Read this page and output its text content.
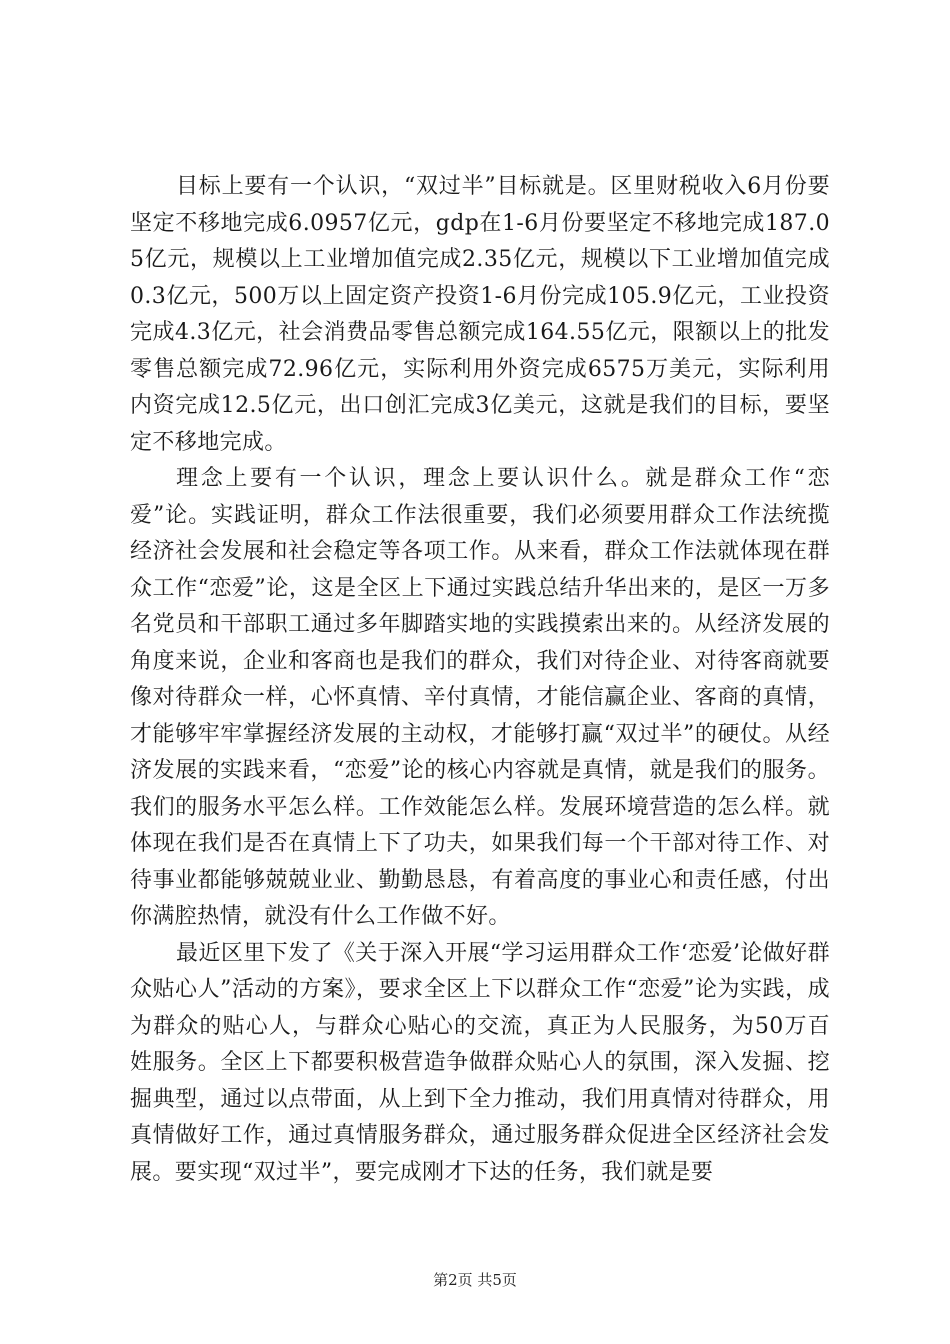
目标上要有一个认识，“双过半”目标就是。区里财税收入6月份要坚定不移地完成6.0957亿元，gdp在1-6月份要坚定不移地完成187.05亿元，规模以上工业增加值完成2.35亿元，规模以下工业增加值完成0.3亿元，500万以上固定资产投资1-6月份完成105.9亿元，工业投资完成4.3亿元，社会消费品零售总额完成164.55亿元，限额以上的批发零售总额完成72.96亿元，实际利用外资完成6575万美元，实际利用内资完成12.5亿元，出口创汇完成3亿美元，这就是我们的目标，要坚定不移地完成。

理念上要有一个认识，理念上要认识什么。就是群众工作“恋爱”论。实践证明，群众工作法很重要，我们必须要用群众工作法统揽经济社会发展和社会稳定等各项工作。从来看，群众工作法就体现在群众工作“恋爱”论，这是全区上下通过实践总结升华出来的，是区一万多名党员和干部职工通过多年脚踏实地的实践摸索出来的。从经济发展的角度来说，企业和客商也是我们的群众，我们对待企业、对待客商就要像对待群众一样，心怀真情、辛付真情，才能信赢企业、客商的真情，才能够牢牢掌握经济发展的主动权，才能够打赢“双过半”的硬仗。从经济发展的实践来看，“恋爱”论的核心内容就是真情，就是我们的服务。我们的服务水平怎么样。工作效能怎么样。发展环境营造的怎么样。就体现在我们是否在真情上下了功夫，如果我们每一个干部对待工作、对待事业都能够兢兢业业、勤勤恳恳，有着高度的事业心和责任感，付出你满腔热情，就没有什么工作做不好。

最近区里下发了《关于深入开展“学习运用群众工作‘恋爱’论做好群众贴心人”活动的方案》，要求全区上下以群众工作“恋爱”论为实践，成为群众的贴心人，与群众心贴心的交流，真正为人民服务，为50万百姓服务。全区上下都要积极营造争做群众贴心人的氛围，深入发掘、挖掘典型，通过以点带面，从上到下全力推动，我们用真情对待群众，用真情做好工作，通过真情服务群众，通过服务群众促进全区经济社会发展。要实现“双过半”，要完成刚才下达的任务，我们就是要

第2页 共5页
